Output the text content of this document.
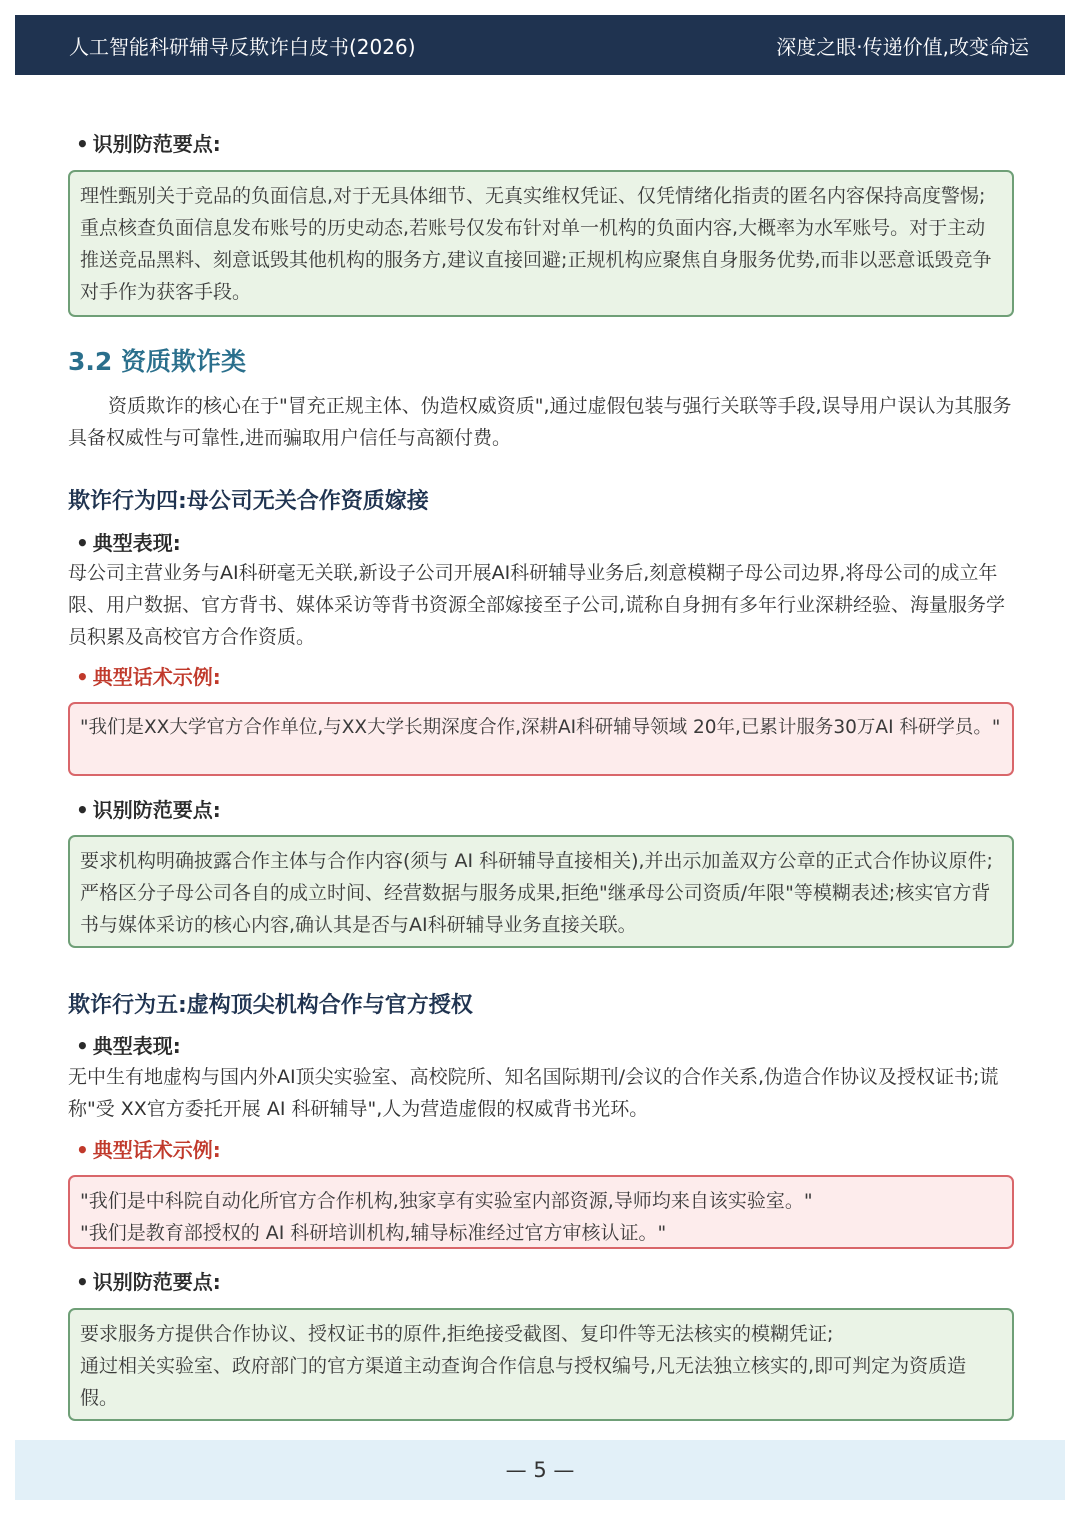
人工智能科研辅导反欺诈白皮书(2026)	深度之眼·传递价值,改变命运
• 识别防范要点:
理性甄别关于竞品的负面信息,对于无具体细节、无真实维权凭证、仅凭情绪化指责的匿名内容保持高度警惕;重点核查负面信息发布账号的历史动态,若账号仅发布针对单一机构的负面内容,大概率为水军账号。对于主动推送竞品黑料、刻意诋毁其他机构的服务方,建议直接回避;正规机构应聚焦自身服务优势,而非以恶意诋毁竞争对手作为获客手段。
3.2 资质欺诈类
资质欺诈的核心在于"冒充正规主体、伪造权威资质",通过虚假包装与强行关联等手段,误导用户误认为其服务具备权威性与可靠性,进而骗取用户信任与高额付费。
欺诈行为四:母公司无关合作资质嫁接
• 典型表现:
母公司主营业务与AI科研毫无关联,新设子公司开展AI科研辅导业务后,刻意模糊子母公司边界,将母公司的成立年限、用户数据、官方背书、媒体采访等背书资源全部嫁接至子公司,谎称自身拥有多年行业深耕经验、海量服务学员积累及高校官方合作资质。
• 典型话术示例:
"我们是XX大学官方合作单位,与XX大学长期深度合作,深耕AI科研辅导领域 20年,已累计服务30万AI 科研学员。"
• 识别防范要点:
要求机构明确披露合作主体与合作内容(须与 AI 科研辅导直接相关),并出示加盖双方公章的正式合作协议原件;严格区分子母公司各自的成立时间、经营数据与服务成果,拒绝"继承母公司资质/年限"等模糊表述;核实官方背书与媒体采访的核心内容,确认其是否与AI科研辅导业务直接关联。
欺诈行为五:虚构顶尖机构合作与官方授权
• 典型表现:
无中生有地虚构与国内外AI顶尖实验室、高校院所、知名国际期刊/会议的合作关系,伪造合作协议及授权证书;谎称"受 XX官方委托开展 AI 科研辅导",人为营造虚假的权威背书光环。
• 典型话术示例:
"我们是中科院自动化所官方合作机构,独家享有实验室内部资源,导师均来自该实验室。"
"我们是教育部授权的 AI 科研培训机构,辅导标准经过官方审核认证。"
• 识别防范要点:
要求服务方提供合作协议、授权证书的原件,拒绝接受截图、复印件等无法核实的模糊凭证;
通过相关实验室、政府部门的官方渠道主动查询合作信息与授权编号,凡无法独立核实的,即可判定为资质造假。
— 5 —
